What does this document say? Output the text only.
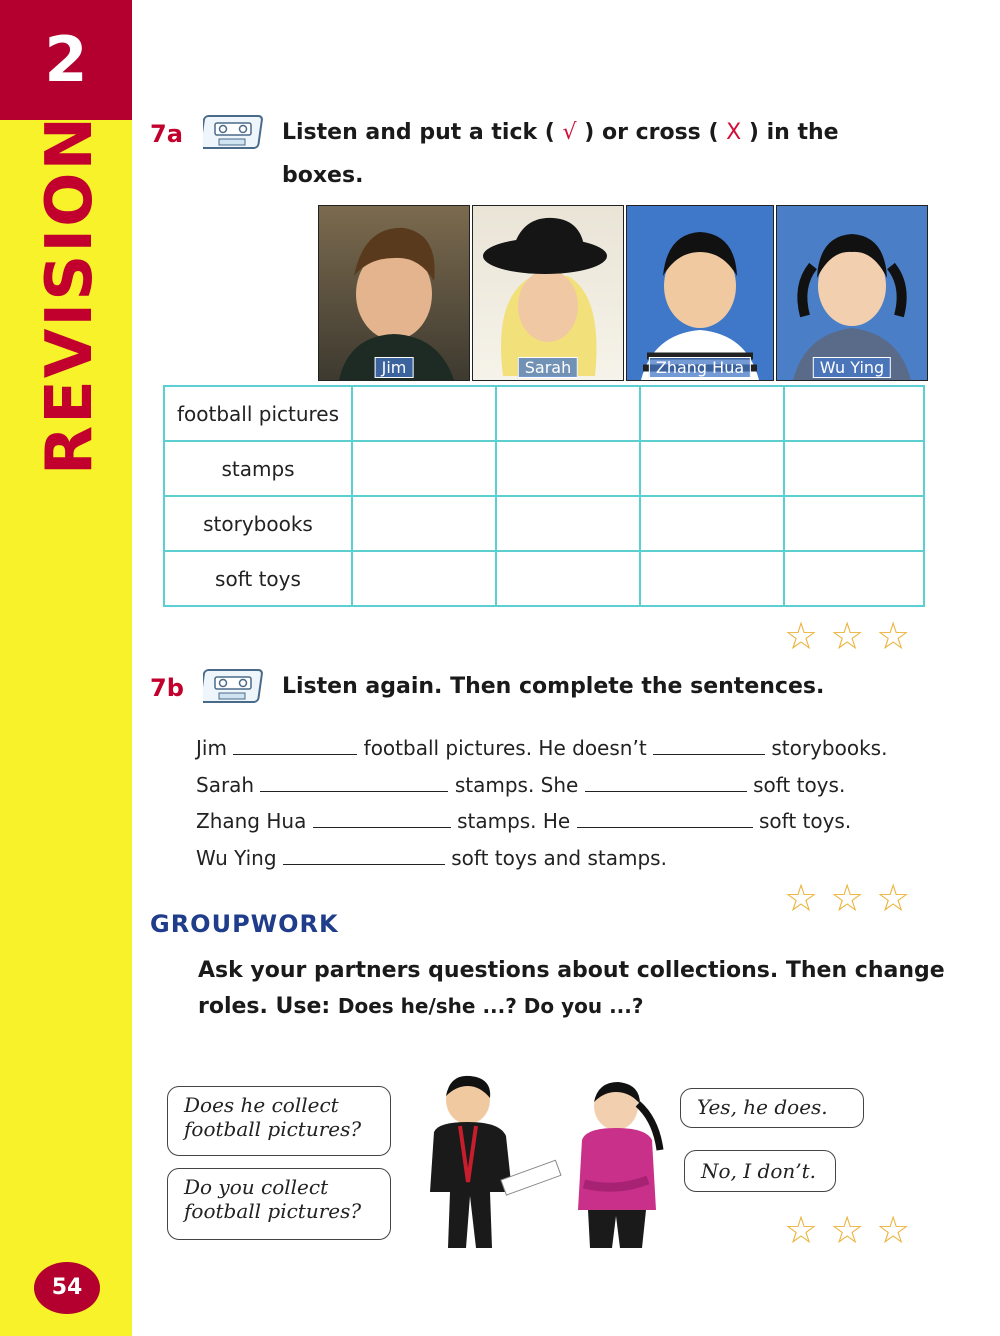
2
REVISION
54
7a	Listen and put a tick ( √ ) or cross ( X ) in the
boxes.
Jim	Sarah	Zhang Hua	Wu Ying
football pictures				
stamps				
storybooks				
soft toys				
☆☆☆
7b	Listen again. Then complete the sentences.
Jim	football pictures. He doesn’t	storybooks.
Sarah	stamps. She	soft toys.
Zhang Hua	stamps. He	soft toys.
Wu Ying	soft toys and stamps.
☆☆☆
GROUPWORK
Ask your partners questions about collections. Then change
roles. Use: Does he/she ...? Do you ...?
Does he collect
football pictures?
Do you collect
football pictures?
Yes, he does.
No, I don’t.
☆☆☆
